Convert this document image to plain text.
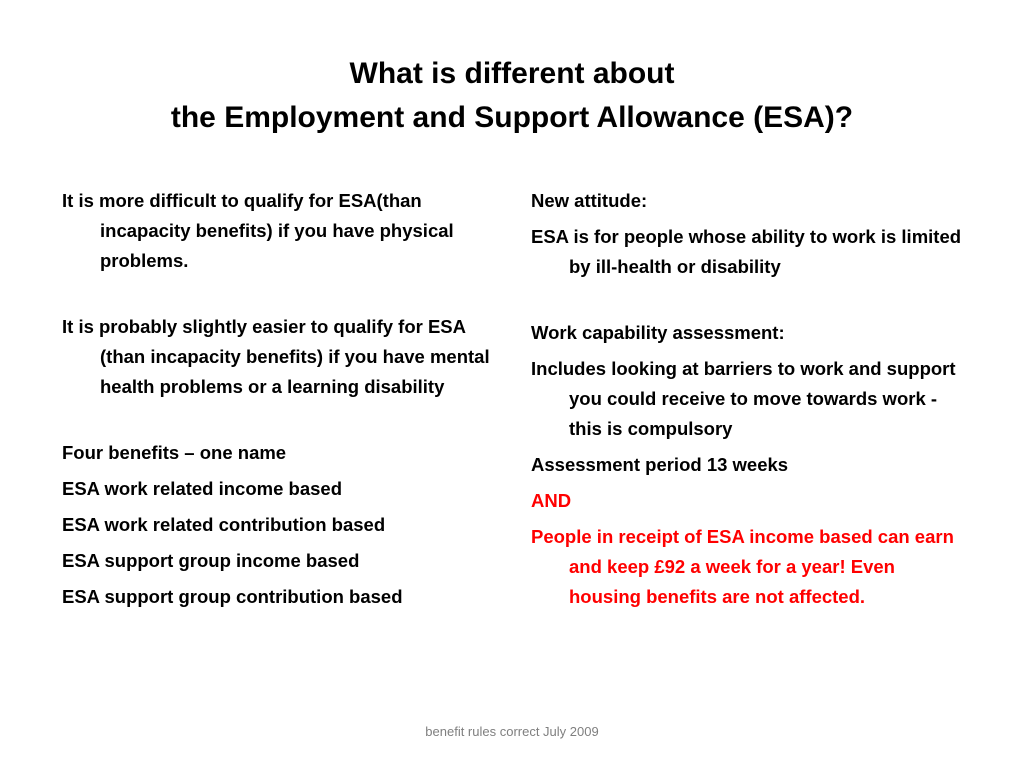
What is different about
the Employment and Support Allowance (ESA)?

It is more difficult to qualify for ESA(than incapacity benefits) if you have physical problems.

It is probably slightly easier to qualify for ESA (than incapacity benefits) if you have mental health problems or a learning disability

Four benefits – one name

ESA work related income based

ESA work related contribution based

ESA support group income based

ESA support group contribution based

New attitude:

ESA is for people whose ability to work is limited by ill-health or disability

Work capability assessment:

Includes looking at barriers to work and support you could receive to move towards work - this is compulsory

Assessment period 13 weeks

AND

People in receipt of ESA income based can earn and keep £92 a week for a year! Even housing benefits are not affected.

benefit rules correct July 2009
